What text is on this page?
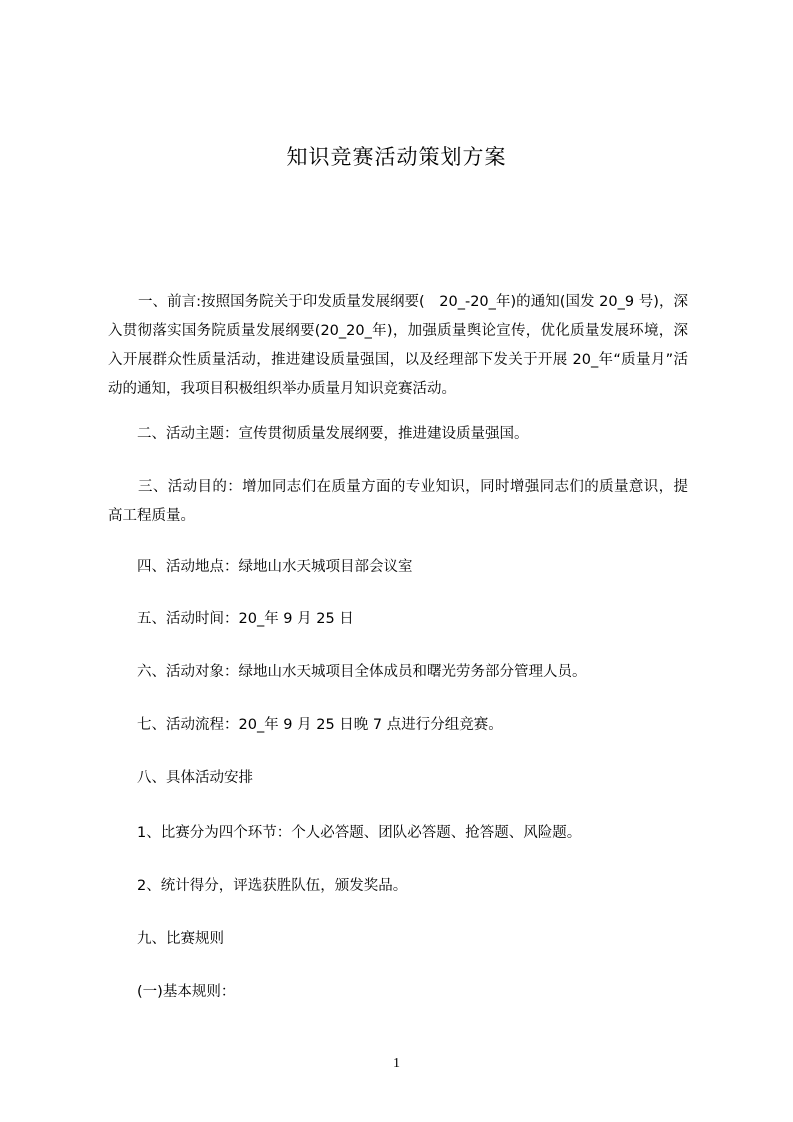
知识竞赛活动策划方案
一、前言:按照国务院关于印发质量发展纲要(　20_-20_年)的通知(国发 20_9 号)，深入贯彻落实国务院质量发展纲要(20_20_年)，加强质量舆论宣传，优化质量发展环境，深入开展群众性质量活动，推进建设质量强国，以及经理部下发关于开展 20_年“质量月”活动的通知，我项目积极组织举办质量月知识竞赛活动。
二、活动主题：宣传贯彻质量发展纲要，推进建设质量强国。
三、活动目的：增加同志们在质量方面的专业知识，同时增强同志们的质量意识，提高工程质量。
四、活动地点：绿地山水天城项目部会议室
五、活动时间：20_年 9 月 25 日
六、活动对象：绿地山水天城项目全体成员和曙光劳务部分管理人员。
七、活动流程：20_年 9 月 25 日晚 7 点进行分组竞赛。
八、具体活动安排
1、比赛分为四个环节：个人必答题、团队必答题、抢答题、风险题。
2、统计得分，评选获胜队伍，颁发奖品。
九、比赛规则
(一)基本规则：
1
